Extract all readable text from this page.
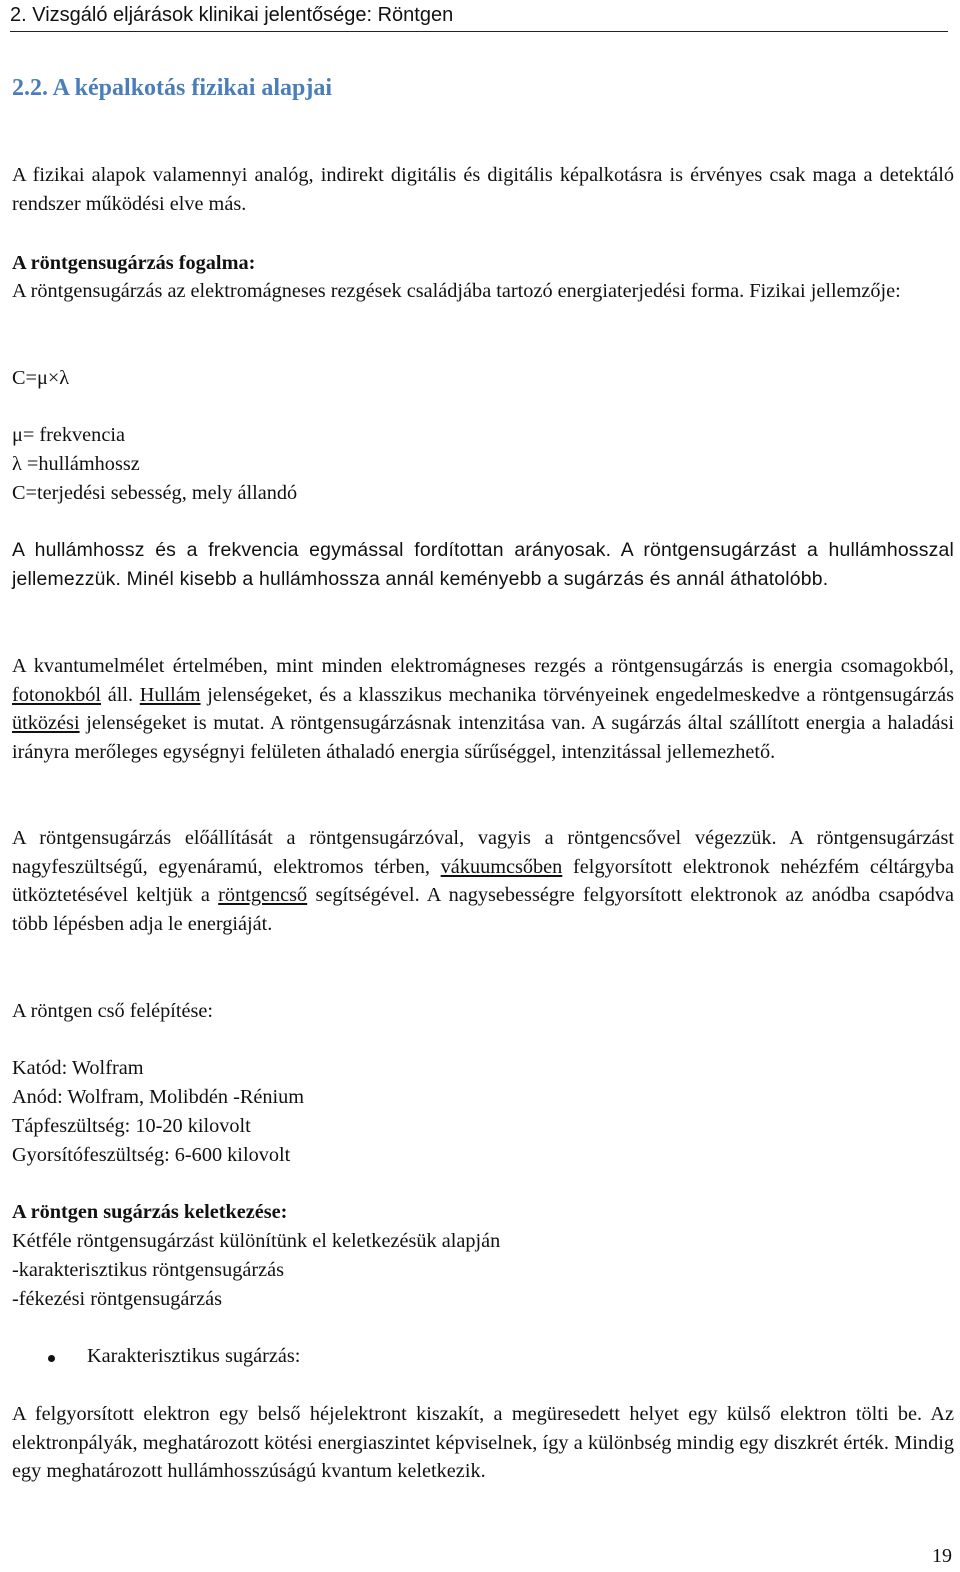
2. Vizsgáló eljárások klinikai jelentősége: Röntgen
2.2. A képalkotás fizikai alapjai
A fizikai alapok valamennyi analóg, indirekt digitális és digitális képalkotásra is érvényes csak maga a detektáló rendszer működési elve más.
A röntgensugárzás fogalma:
A röntgensugárzás az elektromágneses rezgések családjába tartozó energiaterjedési forma. Fizikai jellemzője:
C=μ×λ
μ= frekvencia
λ =hullámhossz
C=terjedési sebesség, mely állandó
A hullámhossz és a frekvencia egymással fordítottan arányosak. A röntgensugárzást a hullámhosszal jellemezzük. Minél kisebb a hullámhossza annál keményebb a sugárzás és annál áthatolóbb.
A kvantumelmélet értelmében, mint minden elektromágneses rezgés a röntgensugárzás is energia csomagokból, fotonokból áll. Hullám jelenségeket, és a klasszikus mechanika törvényeinek engedelmeskedve a röntgensugárzás ütközési jelenségeket is mutat. A röntgensugárzásnak intenzitása van. A sugárzás által szállított energia a haladási irányra merőleges egységnyi felületen áthaladó energia sűrűséggel, intenzitással jellemezhető.
A röntgensugárzás előállítását a röntgensugárzóval, vagyis a röntgencsővel végezzük. A röntgensugárzást nagyfeszültségű, egyenáramú, elektromos térben, vákuumcsőben felgyorsított elektronok nehézfém céltárgyba ütköztetésével keltjük a röntgencső segítségével. A nagysebességre felgyorsított elektronok az anódba csapódva több lépésben adja le energiáját.
A röntgen cső felépítése:
Katód: Wolfram
Anód: Wolfram, Molibdén -Rénium
Tápfeszültség: 10-20 kilovolt
Gyorsítófeszültség: 6-600 kilovolt
A röntgen sugárzás keletkezése:
Kétféle röntgensugárzást különítünk el keletkezésük alapján
-karakterisztikus röntgensugárzás
-fékezési röntgensugárzás
Karakterisztikus sugárzás:
A felgyorsított elektron egy belső héjelektront kiszakít, a megüresedett helyet egy külső elektron tölti be. Az elektronpályák, meghatározott kötési energiaszintet képviselnek, így a különbség mindig egy diszkrét érték. Mindig egy meghatározott hullámhosszúságú kvantum keletkezik.
19
